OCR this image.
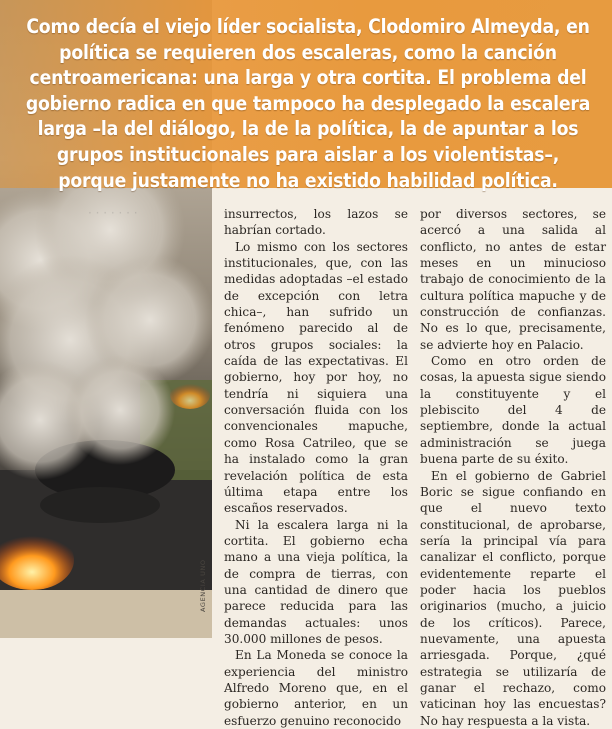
· · · · · · ·

Como decía el viejo líder socialista, Clodomiro Almeyda, en política se requieren dos escaleras, como la canción centroamericana: una larga y otra cortita. El problema del gobierno radica en que tampoco ha desplegado la escalera larga –la del diálogo, la de la política, la de apuntar a los grupos institucionales para aislar a los violentistas–, porque justamente no ha existido habilidad política.

AGENCIA UNO

insurrectos, los lazos se habrían cortado.

Lo mismo con los sectores institucionales, que, con las medidas adoptadas –el estado de excepción con letra chica–, han sufrido un fenómeno parecido al de otros grupos sociales: la caída de las expectativas. El gobierno, hoy por hoy, no tendría ni siquiera una conversación fluida con los convencionales mapuche, como Rosa Catrileo, que se ha instalado como la gran revelación política de esta última etapa entre los escaños reservados.

Ni la escalera larga ni la cortita. El gobierno echa mano a una vieja política, la de compra de tierras, con una cantidad de dinero que parece reducida para las demandas actuales: unos 30.000 millones de pesos.

En La Moneda se conoce la experiencia del ministro Alfredo Moreno que, en el gobierno anterior, en un esfuerzo genuino reconocido

por diversos sectores, se acercó a una salida al conflicto, no antes de estar meses en un minucioso trabajo de conocimiento de la cultura política mapuche y de construcción de confianzas. No es lo que, precisamente, se advierte hoy en Palacio.

Como en otro orden de cosas, la apuesta sigue siendo la constituyente y el plebiscito del 4 de septiembre, donde la actual administración se juega buena parte de su éxito.

En el gobierno de Gabriel Boric se sigue confiando en que el nuevo texto constitucional, de aprobarse, sería la principal vía para canalizar el conflicto, porque evidentemente reparte el poder hacia los pueblos originarios (mucho, a juicio de los críticos). Parece, nuevamente, una apuesta arriesgada. Porque, ¿qué estrategia se utilizaría de ganar el rechazo, como vaticinan hoy las encuestas? No hay respuesta a la vista.
